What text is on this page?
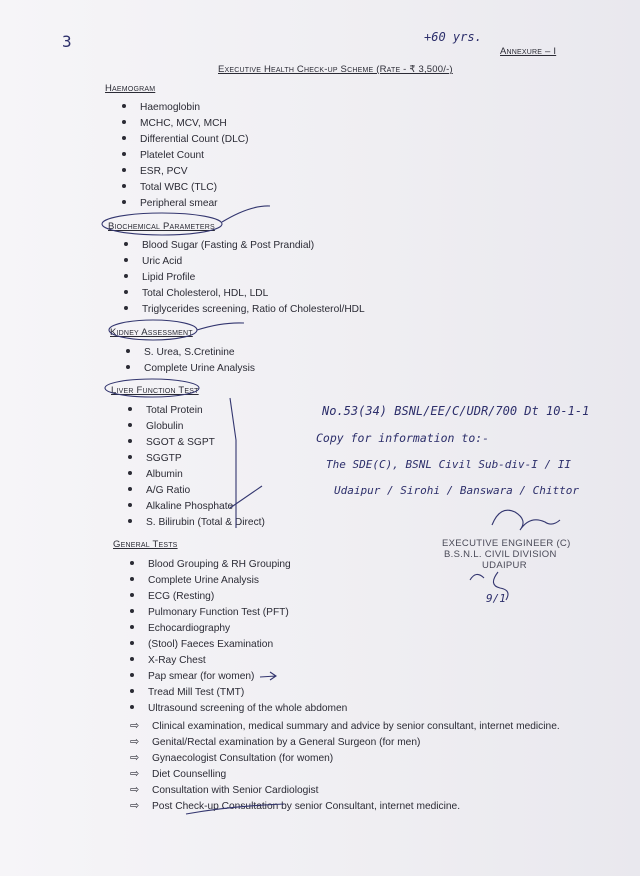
3	+60 yrs.
Annexure – I
Executive Health Check-up Scheme (Rate - ₹ 3,500/-)
Haemogram
Haemoglobin
MCHC, MCV, MCH
Differential Count (DLC)
Platelet Count
ESR, PCV
Total WBC (TLC)
Peripheral smear
Biochemical Parameters
Blood Sugar (Fasting & Post Prandial)
Uric Acid
Lipid Profile
Total Cholesterol, HDL, LDL
Triglycerides screening, Ratio of Cholesterol/HDL
Kidney Assessment
S. Urea, S.Cretinine
Complete Urine Analysis
Liver Function Test
Total Protein
Globulin
SGOT & SGPT
SGGTP
Albumin
A/G Ratio
Alkaline Phosphate
S. Bilirubin (Total & Direct)
General Tests
Blood Grouping & RH Grouping
Complete Urine Analysis
ECG (Resting)
Pulmonary Function Test (PFT)
Echocardiography
(Stool) Faeces Examination
X-Ray Chest
Pap smear (for women)
Tread Mill Test (TMT)
Ultrasound screening of the whole abdomen
⇨ Clinical examination, medical summary and advice by senior consultant, internet medicine.
⇨ Genital/Rectal examination by a General Surgeon (for men)
⇨ Gynaecologist Consultation (for women)
⇨ Diet Counselling
⇨ Consultation with Senior Cardiologist
⇨ Post Check-up Consultation by senior Consultant, internet medicine.
No.53(34) BSNL/EE/C/UDR/700 Dt 10-1-1
Copy for information to:-
The SDE(C), BSNL Civil Sub-div-I / II
Udaipur / Sirohi / Banswara / Chittor
EXECUTIVE ENGINEER (C)
B.S.N.L. CIVIL DIVISION
UDAIPUR
9/1
